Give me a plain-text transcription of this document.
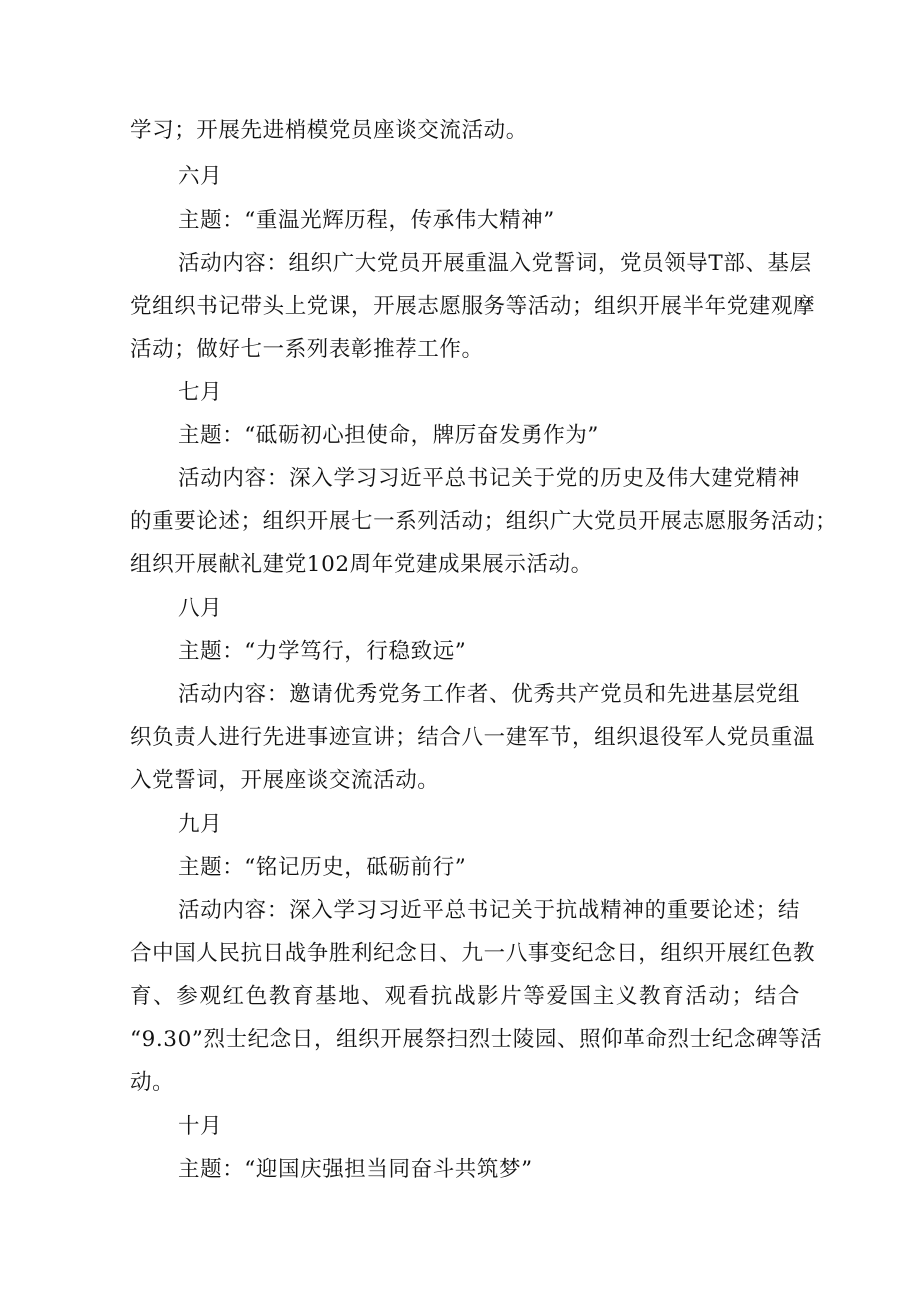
学习；开展先进梢模党员座谈交流活动。
六月
主题：“重温光辉历程，传承伟大精神”
活动内容：组织广大党员开展重温入党誓词，党员领导T部、基层
党组织书记带头上党课，开展志愿服务等活动；组织开展半年党建观摩
活动；做好七一系列表彰推荐工作。
七月
主题：“砥砺初心担使命，牌厉奋发勇作为”
活动内容：深入学习习近平总书记关于党的历史及伟大建党精神
的重要论述；组织开展七一系列活动；组织广大党员开展志愿服务活动；
组织开展献礼建党102周年党建成果展示活动。
八月
主题：“力学笃行，行稳致远”
活动内容：邀请优秀党务工作者、优秀共产党员和先进基层党组
织负责人进行先进事迹宣讲；结合八一建军节，组织退役军人党员重温
入党誓词，开展座谈交流活动。
九月
主题：“铭记历史，砥砺前行”
活动内容：深入学习习近平总书记关于抗战精神的重要论述；结
合中国人民抗日战争胜利纪念日、九一八事变纪念日，组织开展红色教
育、参观红色教育基地、观看抗战影片等爱国主义教育活动；结合
“9.30”烈士纪念日，组织开展祭扫烈士陵园、照仰革命烈士纪念碑等活
动。
十月
主题：“迎国庆强担当同奋斗共筑梦”
